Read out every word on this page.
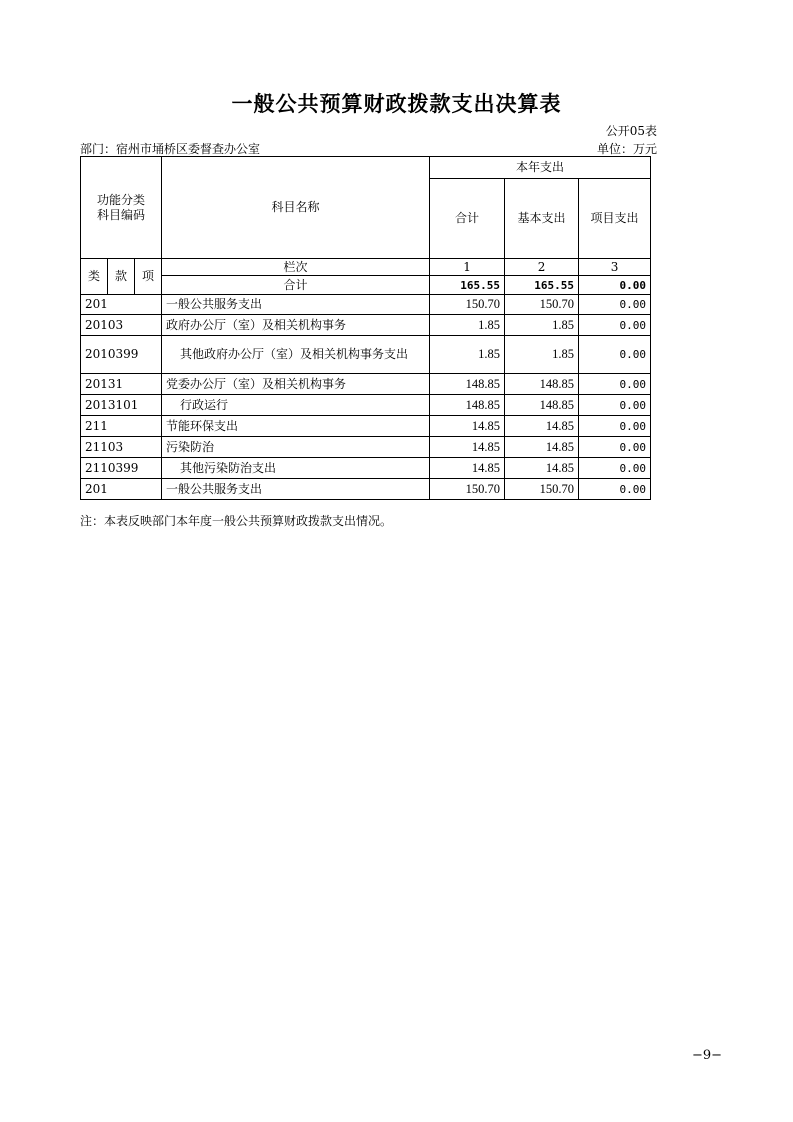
一般公共预算财政拨款支出决算表
公开05表
部门：宿州市埇桥区委督查办公室	单位：万元
功能分类科目编码			科目名称	本年支出		
				合计	基本支出	项目支出

类	款	项	栏次	1	2	3
			合计	165.55	165.55	0.00
201			一般公共服务支出	150.70	150.70	0.00
20103			政府办公厅（室）及相关机构事务	1.85	1.85	0.00
2010399			其他政府办公厅（室）及相关机构事务支出	1.85	1.85	0.00
20131			党委办公厅（室）及相关机构事务	148.85	148.85	0.00
2013101			行政运行	148.85	148.85	0.00
211			节能环保支出	14.85	14.85	0.00
21103			污染防治	14.85	14.85	0.00
2110399			其他污染防治支出	14.85	14.85	0.00
201			一般公共服务支出	150.70	150.70	0.00
注：本表反映部门本年度一般公共预算财政拨款支出情况。
−9−
